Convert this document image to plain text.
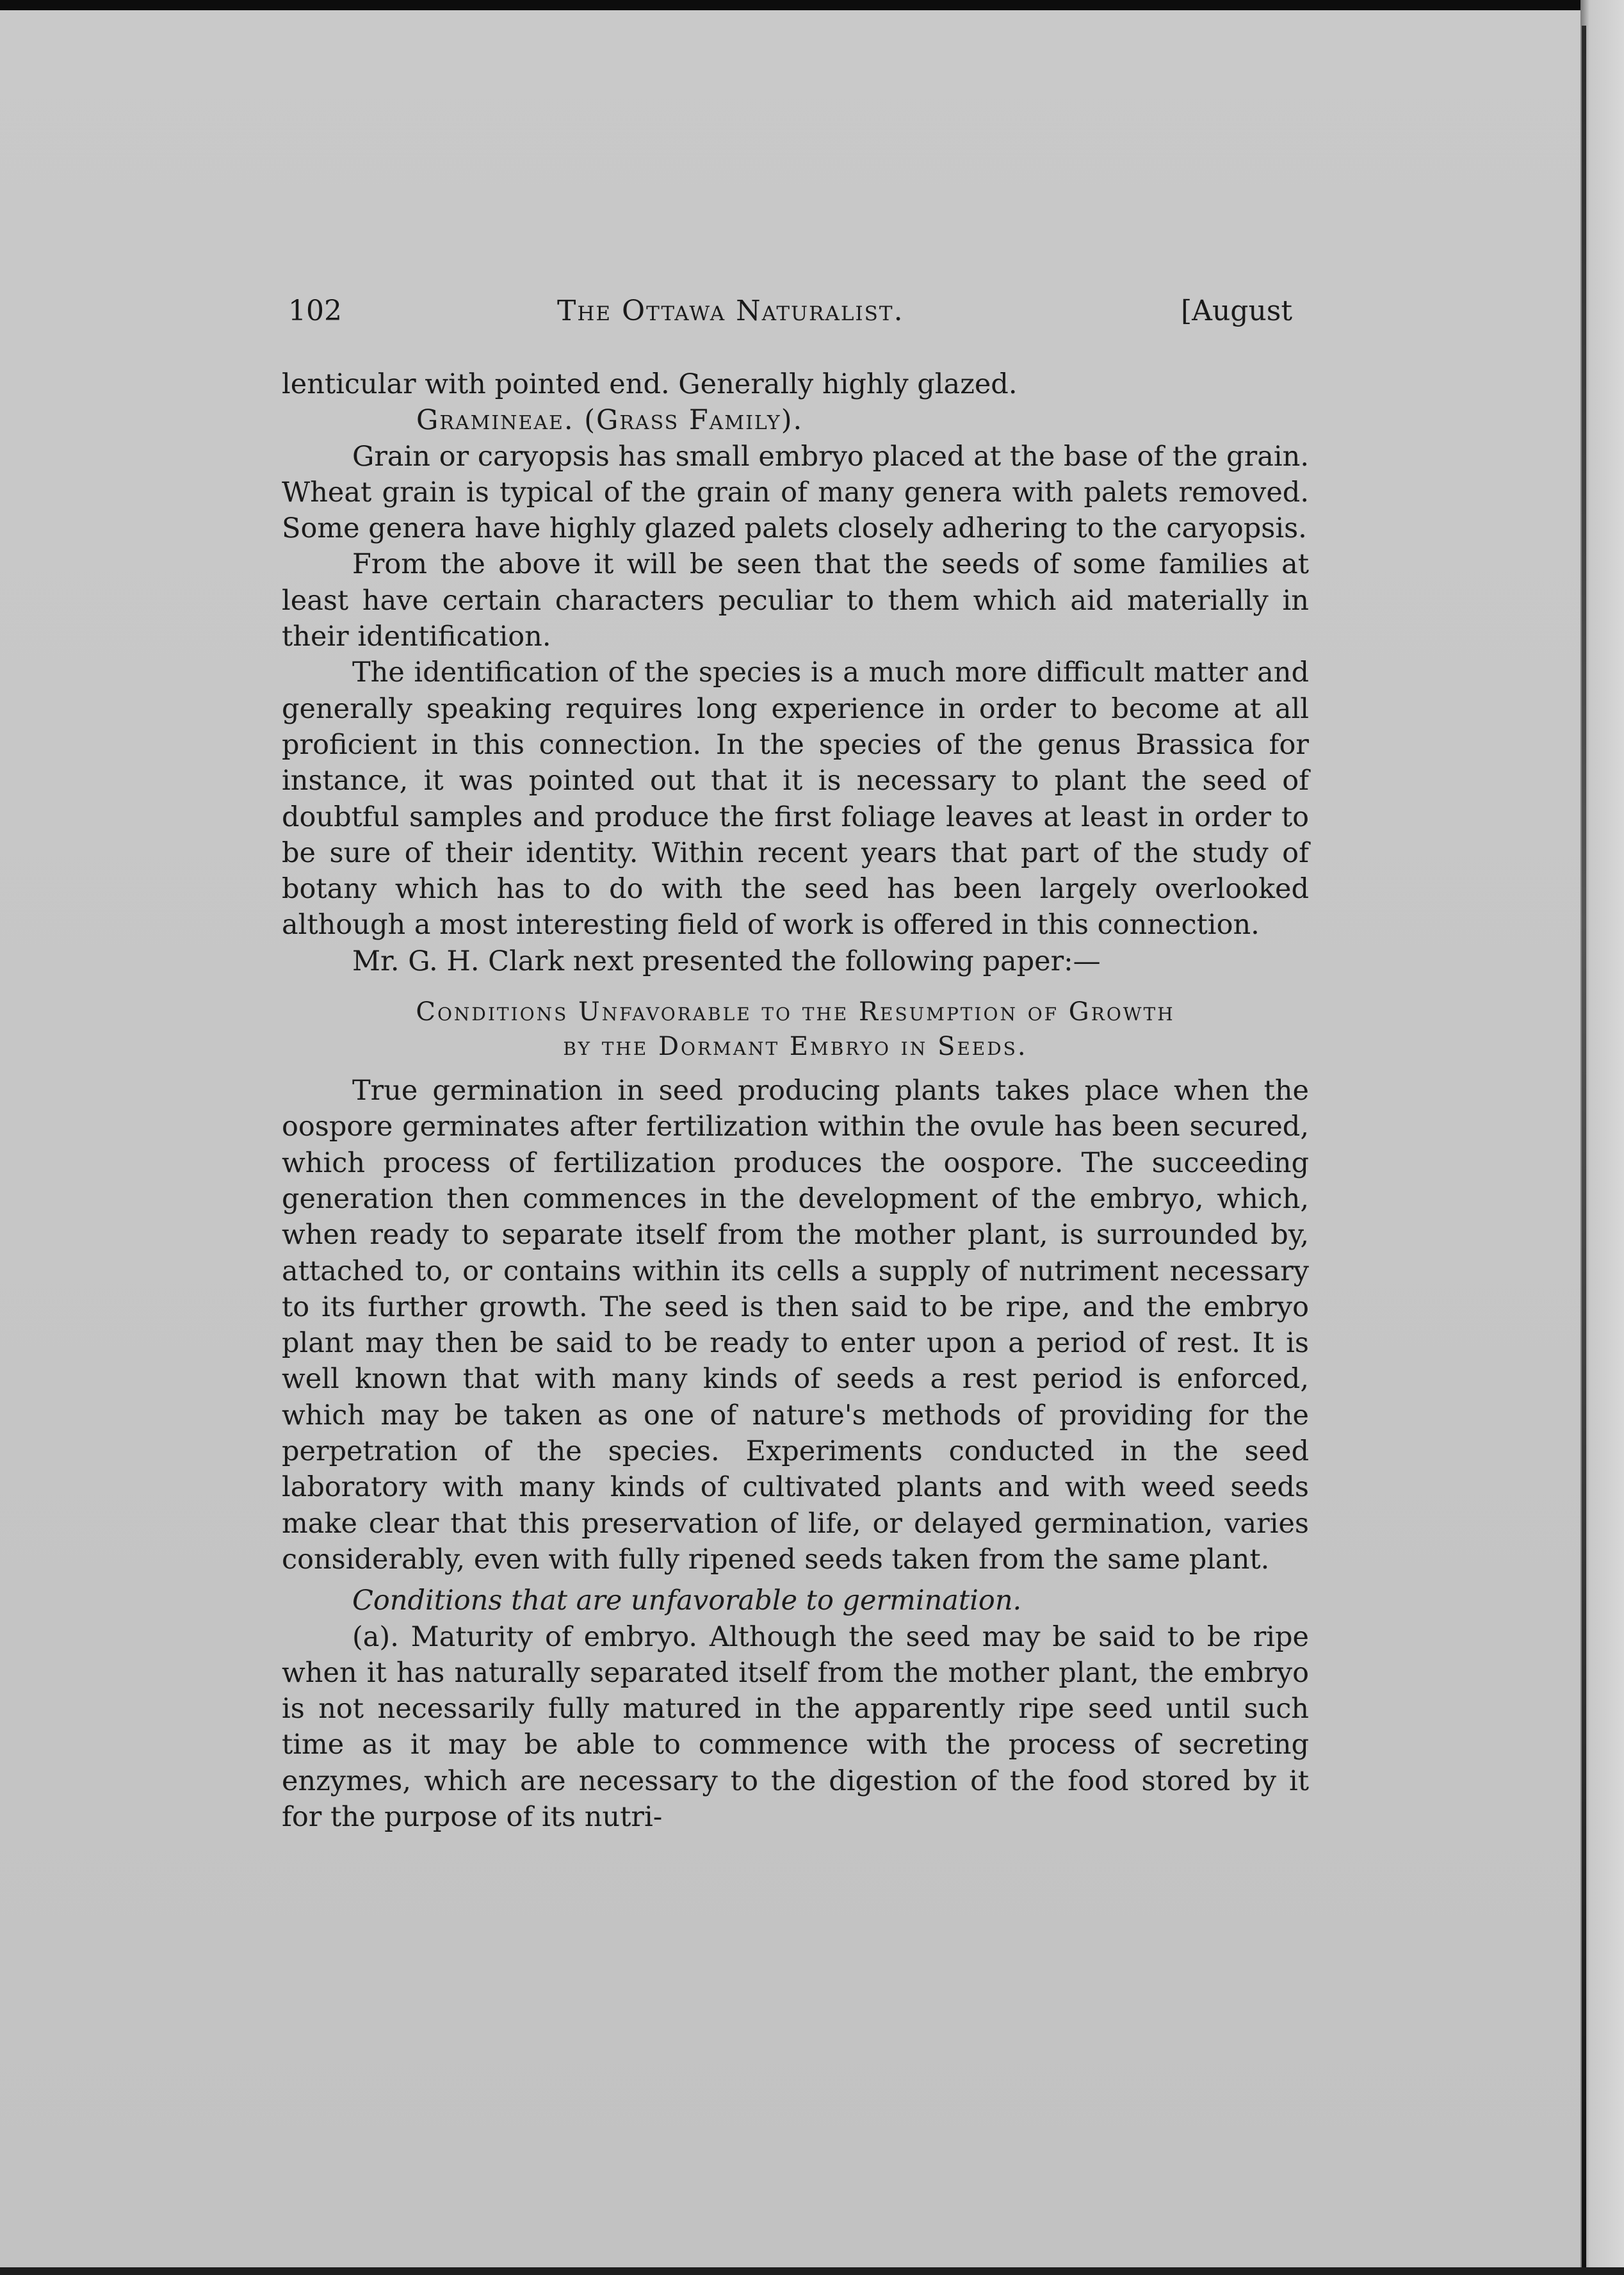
102	The Ottawa Naturalist.	[August

lenticular with pointed end. Generally highly glazed.

Gramineae. (Grass Family).

Grain or caryopsis has small embryo placed at the base of the grain. Wheat grain is typical of the grain of many genera with palets removed. Some genera have highly glazed palets closely adhering to the caryopsis.

From the above it will be seen that the seeds of some families at least have certain characters peculiar to them which aid materially in their identification.

The identification of the species is a much more difficult matter and generally speaking requires long experience in order to become at all proficient in this connection. In the species of the genus Brassica for instance, it was pointed out that it is necessary to plant the seed of doubtful samples and produce the first foliage leaves at least in order to be sure of their identity. Within recent years that part of the study of botany which has to do with the seed has been largely overlooked although a most interesting field of work is offered in this connection.

Mr. G. H. Clark next presented the following paper:—

Conditions Unfavorable to the Resumption of Growth
by the Dormant Embryo in Seeds.

True germination in seed producing plants takes place when the oospore germinates after fertilization within the ovule has been secured, which process of fertilization produces the oospore. The succeeding generation then commences in the development of the embryo, which, when ready to separate itself from the mother plant, is surrounded by, attached to, or contains within its cells a supply of nutriment necessary to its further growth. The seed is then said to be ripe, and the embryo plant may then be said to be ready to enter upon a period of rest. It is well known that with many kinds of seeds a rest period is enforced, which may be taken as one of nature's methods of providing for the perpetration of the species. Experiments conducted in the seed laboratory with many kinds of cultivated plants and with weed seeds make clear that this preservation of life, or delayed germination, varies considerably, even with fully ripened seeds taken from the same plant.

Conditions that are unfavorable to germination.

(a). Maturity of embryo. Although the seed may be said to be ripe when it has naturally separated itself from the mother plant, the embryo is not necessarily fully matured in the apparently ripe seed until such time as it may be able to commence with the process of secreting enzymes, which are necessary to the digestion of the food stored by it for the purpose of its nutri-
